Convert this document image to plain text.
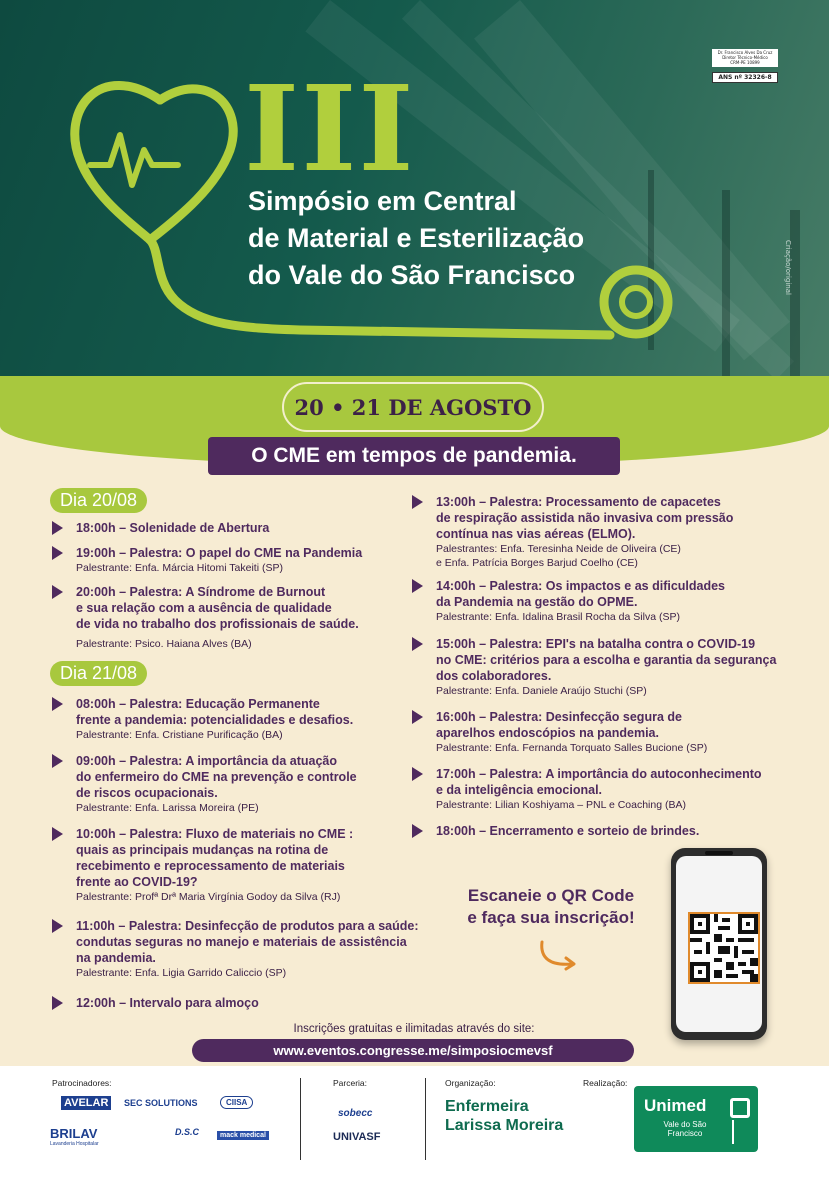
III
Simpósio em Central
de Material e Esterilização
do Vale do São Francisco
Dr. Francisco Alves Da Cruz
Diretor Técnico-Médico
CRM-PE 10899
ANS nº 32326-8
Criação/original
20 • 21 DE AGOSTO
O CME em tempos de pandemia.
Dia 20/08
18:00h – Solenidade de Abertura
19:00h – Palestra: O papel do CME na Pandemia
Palestrante: Enfa. Márcia Hitomi Takeiti (SP)
20:00h – Palestra: A Síndrome de Burnout
e sua relação com a ausência de qualidade
de vida no trabalho dos profissionais de saúde.
Palestrante: Psico. Haiana Alves (BA)
Dia 21/08
08:00h – Palestra: Educação Permanente
frente a pandemia: potencialidades e desafios.
Palestrante: Enfa. Cristiane Purificação (BA)
09:00h – Palestra: A importância da atuação
do enfermeiro do CME na prevenção e controle
de riscos ocupacionais.
Palestrante: Enfa. Larissa Moreira (PE)
10:00h – Palestra: Fluxo de materiais no CME :
quais as principais mudanças na rotina de
recebimento e reprocessamento de materiais
frente ao COVID-19?
Palestrante: Profª Drª Maria Virgínia Godoy da Silva (RJ)
11:00h – Palestra: Desinfecção de produtos para a saúde:
condutas seguras no manejo e materiais de assistência
na pandemia.
Palestrante: Enfa. Ligia Garrido Caliccio (SP)
12:00h – Intervalo para almoço
13:00h – Palestra: Processamento de capacetes
de respiração assistida não invasiva com pressão
contínua nas vias aéreas (ELMO).
Palestrantes: Enfa. Teresinha Neide de Oliveira (CE)
e Enfa. Patrícia Borges Barjud Coelho (CE)
14:00h – Palestra: Os impactos e as dificuldades
da Pandemia na gestão do OPME.
Palestrante: Enfa. Idalina Brasil Rocha da Silva (SP)
15:00h – Palestra: EPI's na batalha contra o COVID-19
no CME: critérios para a escolha e garantia da segurança
dos colaboradores.
Palestrante: Enfa. Daniele Araújo Stuchi (SP)
16:00h – Palestra: Desinfecção segura de
aparelhos endoscópios na pandemia.
Palestrante: Enfa. Fernanda Torquato Salles Bucione (SP)
17:00h – Palestra: A importância do autoconhecimento
e da inteligência emocional.
Palestrante: Lilian Koshiyama – PNL e Coaching (BA)
18:00h – Encerramento e sorteio de brindes.
Escaneie o QR Code
e faça sua inscrição!
Inscrições gratuitas e ilimitadas através do site:
www.eventos.congresse.me/simposiocmevsf
Patrocinadores:	Parceria:	Organização:	Realização:
AVELAR	SEC SOLUTIONS	CIISA
BRILAV
Lavanderia Hospitalar
D.S.C	mack medical
sobecc
UNIVASF
Enfermeira
Larissa Moreira
Unimed
Vale do São
Francisco
